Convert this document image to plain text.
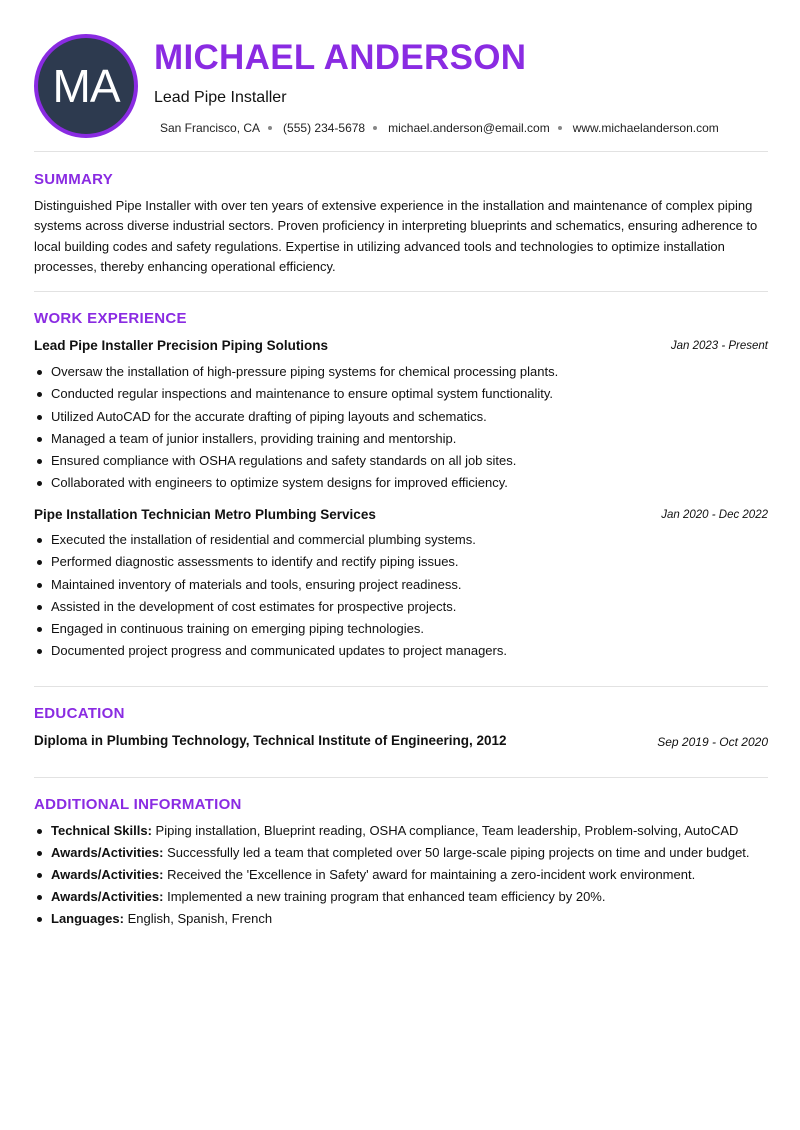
MA
MICHAEL ANDERSON
Lead Pipe Installer
San Francisco, CA (555) 234-5678 michael.anderson@email.com www.michaelanderson.com
SUMMARY

Distinguished Pipe Installer with over ten years of extensive experience in the installation and maintenance of complex piping systems across diverse industrial sectors. Proven proficiency in interpreting blueprints and schematics, ensuring adherence to local building codes and safety regulations. Expertise in utilizing advanced tools and technologies to optimize installation processes, thereby enhancing operational efficiency.

WORK EXPERIENCE
Lead Pipe Installer Precision Piping Solutions	Jan 2023 - Present
Oversaw the installation of high-pressure piping systems for chemical processing plants.
Conducted regular inspections and maintenance to ensure optimal system functionality.
Utilized AutoCAD for the accurate drafting of piping layouts and schematics.
Managed a team of junior installers, providing training and mentorship.
Ensured compliance with OSHA regulations and safety standards on all job sites.
Collaborated with engineers to optimize system designs for improved efficiency.
Pipe Installation Technician Metro Plumbing Services	Jan 2020 - Dec 2022
Executed the installation of residential and commercial plumbing systems.
Performed diagnostic assessments to identify and rectify piping issues.
Maintained inventory of materials and tools, ensuring project readiness.
Assisted in the development of cost estimates for prospective projects.
Engaged in continuous training on emerging piping technologies.
Documented project progress and communicated updates to project managers.
EDUCATION
Diploma in Plumbing Technology, Technical Institute of Engineering, 2012	Sep 2019 - Oct 2020
ADDITIONAL INFORMATION
Technical Skills: Piping installation, Blueprint reading, OSHA compliance, Team leadership, Problem-solving, AutoCAD
Awards/Activities: Successfully led a team that completed over 50 large-scale piping projects on time and under budget.
Awards/Activities: Received the 'Excellence in Safety' award for maintaining a zero-incident work environment.
Awards/Activities: Implemented a new training program that enhanced team efficiency by 20%.
Languages: English, Spanish, French
